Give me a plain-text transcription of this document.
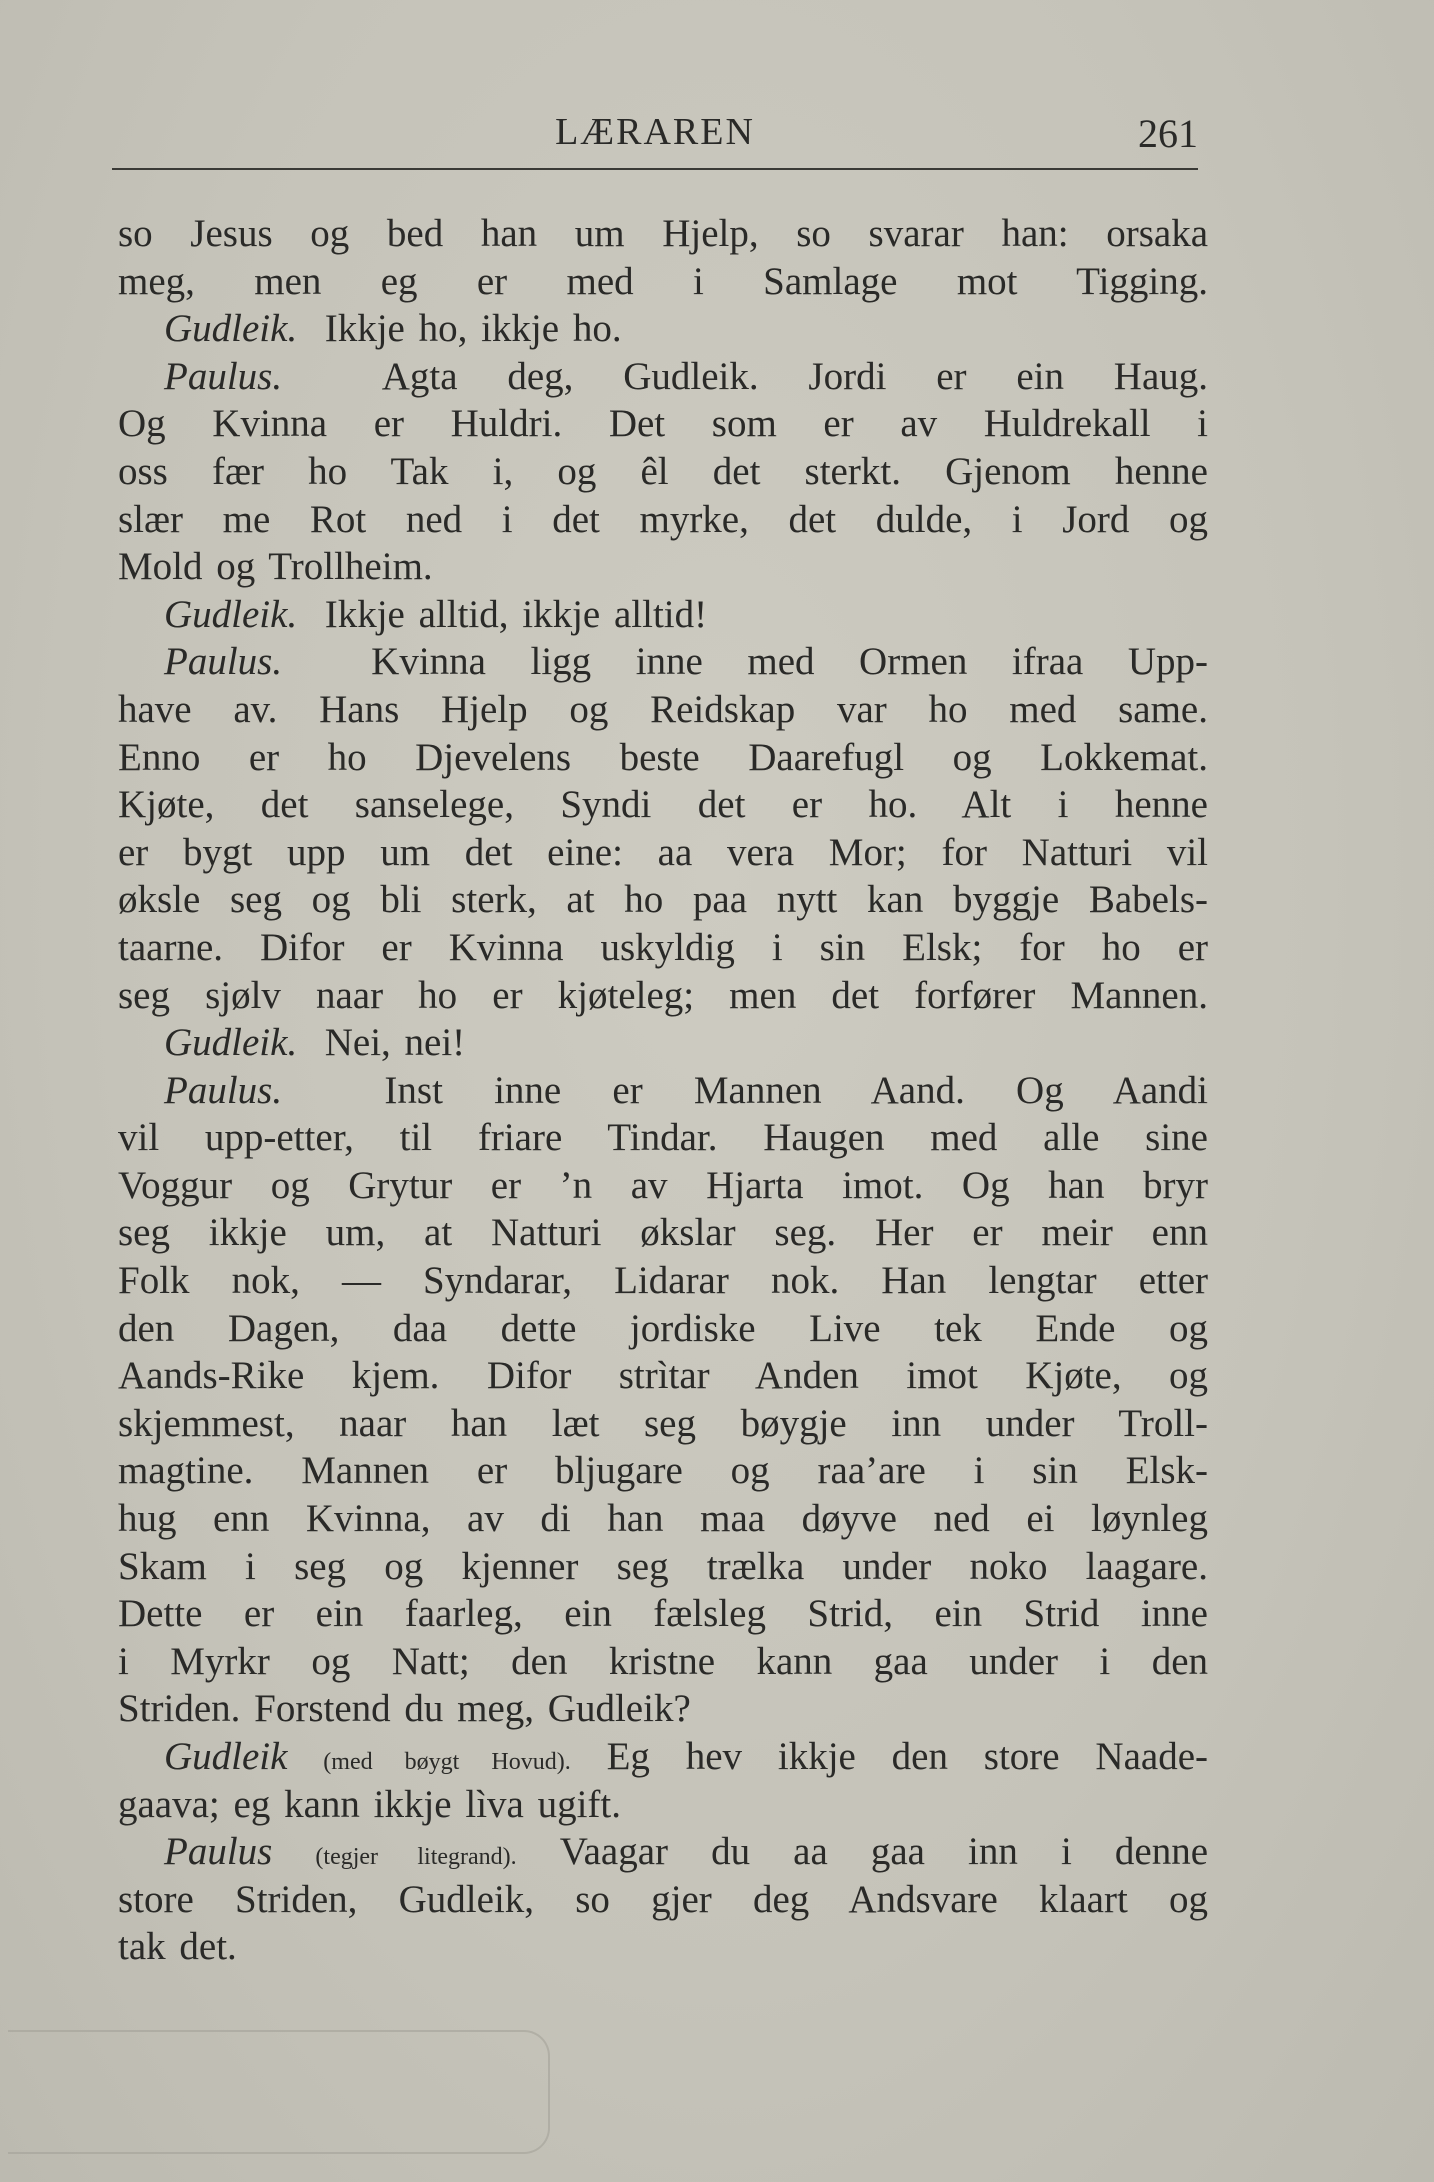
LÆRAREN	261
so Jesus og bed han um Hjelp, so svarar han: orsaka
meg, men eg er med i Samlage mot Tigging.
Gudleik. Ikkje ho, ikkje ho.
Paulus.	Agta deg, Gudleik. Jordi er ein Haug.
Og Kvinna er Huldri. Det som er av Huldrekall i
oss fær ho Tak i, og êl det sterkt. Gjenom henne
slær me Rot ned i det myrke, det dulde, i Jord og
Mold og Trollheim.
Gudleik. Ikkje alltid, ikkje alltid!
Paulus. Kvinna ligg inne med Ormen ifraa Upp-
have av. Hans Hjelp og Reidskap var ho med same.
Enno er ho Djevelens beste Daarefugl og Lokkemat.
Kjøte, det sanselege, Syndi det er ho. Alt i henne
er bygt upp um det eine: aa vera Mor; for Natturi vil
økslе seg og bli sterk, at ho paa nytt kan byggje Babels-
taarne. Difor er Kvinna uskyldig i sin Elsk; for ho er
seg sjølv naar ho er kjøteleg; men det forfører Mannen.
Gudleik. Nei, nei!
Paulus.	Inst inne er Mannen Aand. Og Aandi
vil upp-etter, til friare Tindar. Haugen med alle sine
Voggur og Grytur er ’n av Hjarta imot. Og han bryr
seg ikkje um, at Natturi økslar seg. Her er meir enn
Folk nok, — Syndarar, Lidarar nok. Han lengtar etter
den Dagen, daa dette jordiske Live tek Ende og
Aands-Rike kjem. Difor strìtar Anden imot Kjøte, og
skjemmest, naar han læt seg bøygje inn under Troll-
magtine. Mannen er bljugare og raa’are i sin Elsk-
hug enn Kvinna, av di han maa døyve ned ei løynleg
Skam i seg og kjenner seg trælka under noko laagare.
Dette er ein faarleg, ein fælsleg Strid, ein Strid inne
i Myrkr og Natt; den kristne kann gaa under i den
Striden. Forstend du meg, Gudleik?
Gudleik (med bøygt Hovud). Eg hev ikkje den store Naade-
gaava; eg kann ikkje lìva ugift.
Paulus (tegjer litegrand). Vaagar du aa gaa inn i denne
store Striden, Gudleik, so gjer deg Andsvare klaart og
tak det.
